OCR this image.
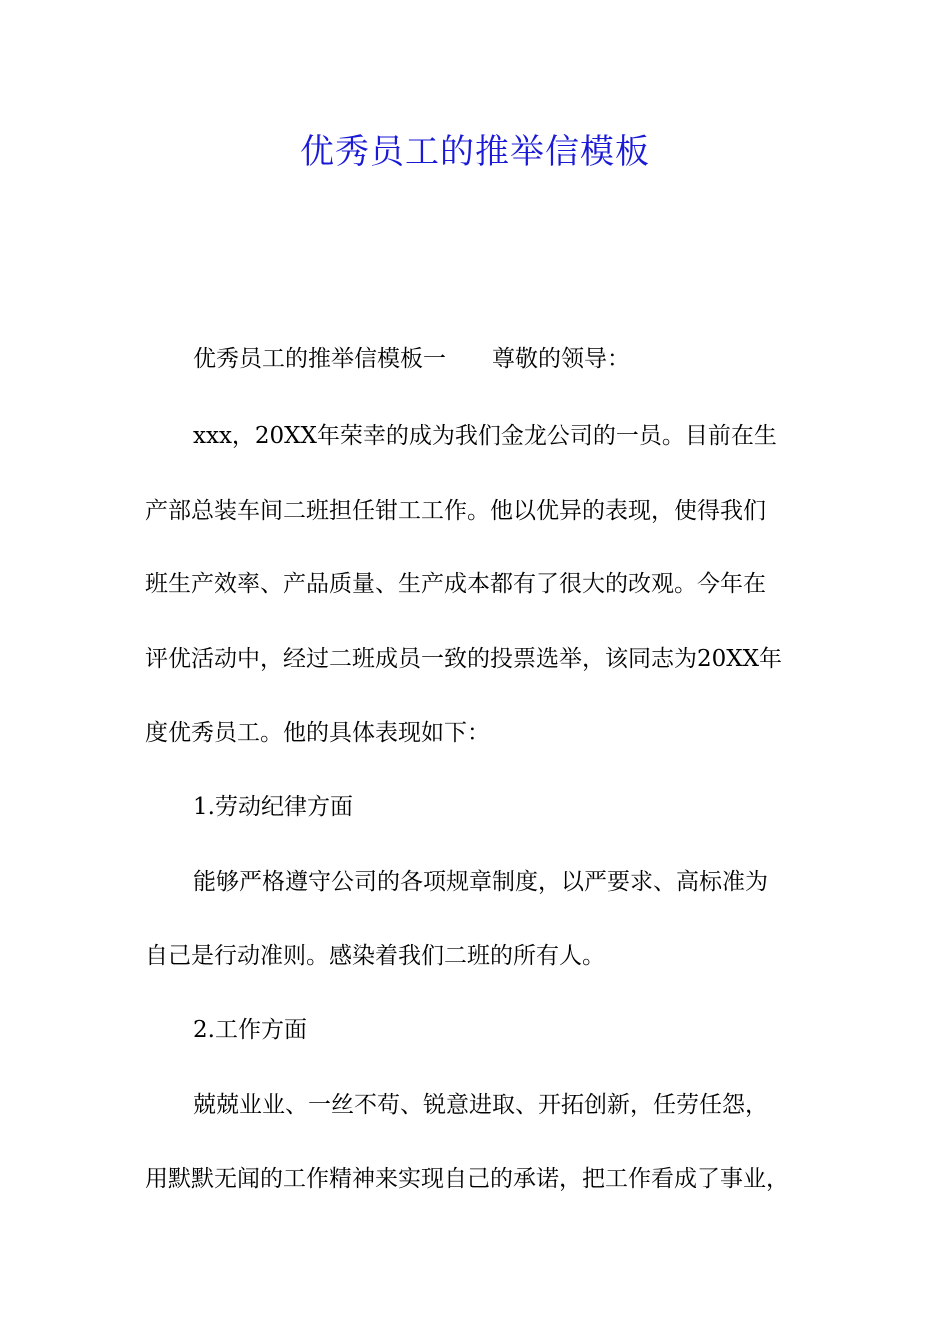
优秀员工的推举信模板

优秀员工的推举信模板一 尊敬的领导：

xxx，20XX年荣幸的成为我们金龙公司的一员。目前在生

产部总装车间二班担任钳工工作。他以优异的表现，使得我们

班生产效率、产品质量、生产成本都有了很大的改观。今年在

评优活动中，经过二班成员一致的投票选举，该同志为20XX年

度优秀员工。他的具体表现如下：

1.劳动纪律方面

能够严格遵守公司的各项规章制度，以严要求、高标准为

自己是行动准则。感染着我们二班的所有人。

2.工作方面

兢兢业业、一丝不苟、锐意进取、开拓创新，任劳任怨，

用默默无闻的工作精神来实现自己的承诺，把工作看成了事业，
